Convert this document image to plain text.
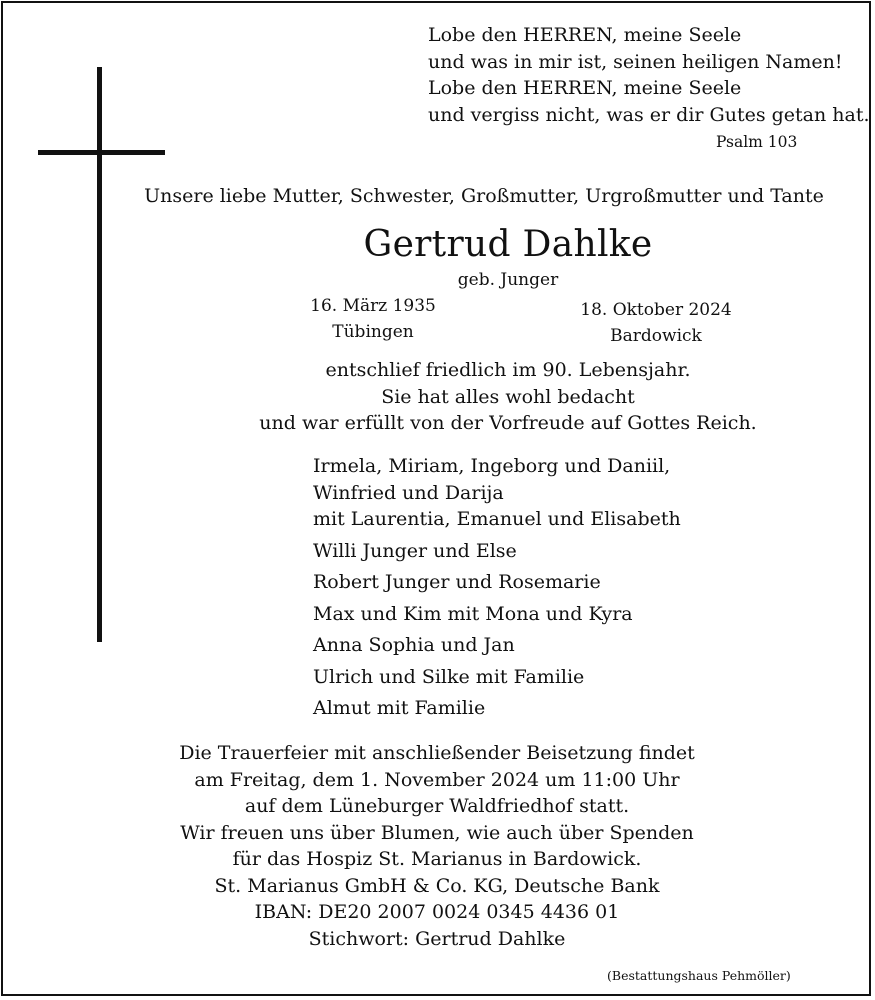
Lobe den HERREN, meine Seele
und was in mir ist, seinen heiligen Namen!
Lobe den HERREN, meine Seele
und vergiss nicht, was er dir Gutes getan hat.
Psalm 103
Unsere liebe Mutter, Schwester, Großmutter, Urgroßmutter und Tante
Gertrud Dahlke
geb. Junger
16. März 1935
Tübingen
18. Oktober 2024
Bardowick
entschlief friedlich im 90. Lebensjahr.
Sie hat alles wohl bedacht
und war erfüllt von der Vorfreude auf Gottes Reich.
Irmela, Miriam, Ingeborg und Daniil,
Winfried und Darija
mit Laurentia, Emanuel und Elisabeth
Willi Junger und Else
Robert Junger und Rosemarie
Max und Kim mit Mona und Kyra
Anna Sophia und Jan
Ulrich und Silke mit Familie
Almut mit Familie
Die Trauerfeier mit anschließender Beisetzung findet
am Freitag, dem 1. November 2024 um 11:00 Uhr
auf dem Lüneburger Waldfriedhof statt.
Wir freuen uns über Blumen, wie auch über Spenden
für das Hospiz St. Marianus in Bardowick.
St. Marianus GmbH & Co. KG, Deutsche Bank
IBAN: DE20 2007 0024 0345 4436 01
Stichwort: Gertrud Dahlke
(Bestattungshaus Pehmöller)
